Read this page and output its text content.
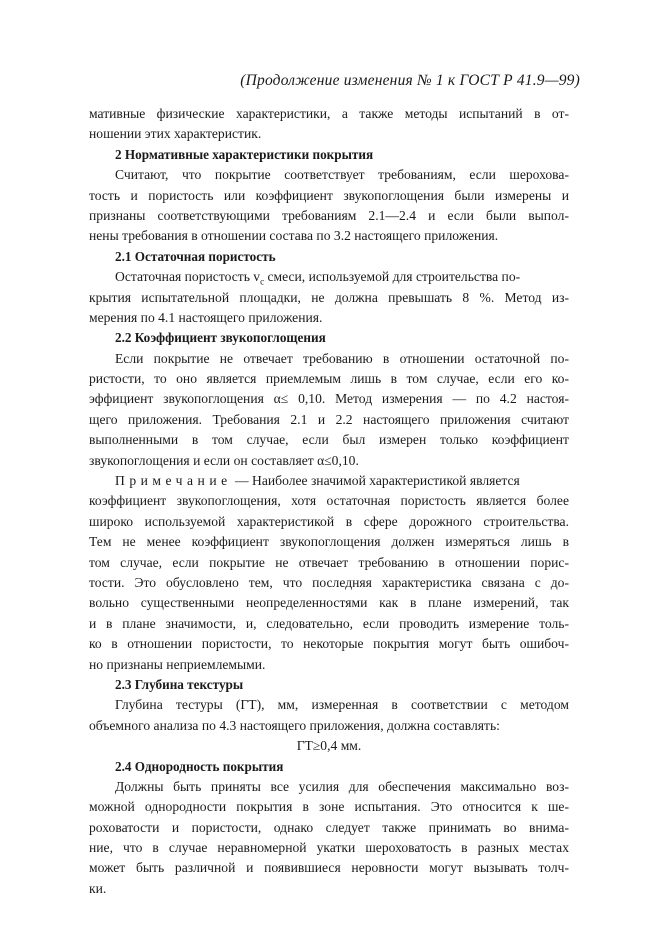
(Продолжение изменения № 1 к ГОСТ Р 41.9—99)
мативные физические характеристики, а также методы испытаний в от-
ношении этих характеристик.
2 Нормативные характеристики покрытия
Считают, что покрытие соответствует требованиям, если шерохова-
тость и пористость или коэффициент звукопоглощения были измерены и
признаны соответствующими требованиям 2.1—2.4 и если были выпол-
нены требования в отношении состава по 3.2 настоящего приложения.
2.1 Остаточная пористость
Остаточная пористость $v_c$ смеси, используемой для строительства по-
крытия испытательной площадки, не должна превышать 8 %. Метод из-
мерения по 4.1 настоящего приложения.
2.2 Коэффициент звукопоглощения
Если покрытие не отвечает требованию в отношении остаточной по-
ристости, то оно является приемлемым лишь в том случае, если его ко-
эффициент звукопоглощения α≤ 0,10. Метод измерения — по 4.2 настоя-
щего приложения. Требования 2.1 и 2.2 настоящего приложения считают
выполненными в том случае, если был измерен только коэффициент
звукопоглощения и если он составляет α≤0,10.
Примечание — Наиболее значимой характеристикой является
коэффициент звукопоглощения, хотя остаточная пористость является более
широко используемой характеристикой в сфере дорожного строительства.
Тем не менее коэффициент звукопоглощения должен измеряться лишь в
том случае, если покрытие не отвечает требованию в отношении порис-
тости. Это обусловлено тем, что последняя характеристика связана с до-
вольно существенными неопределенностями как в плане измерений, так
и в плане значимости, и, следовательно, если проводить измерение толь-
ко в отношении пористости, то некоторые покрытия могут быть ошибоч-
но признаны неприемлемыми.
2.3 Глубина текстуры
Глубина тестуры (ГТ), мм, измеренная в соответствии с методом
объемного анализа по 4.3 настоящего приложения, должна составлять:
ГТ≥0,4 мм.
2.4 Однородность покрытия
Должны быть приняты все усилия для обеспечения максимально воз-
можной однородности покрытия в зоне испытания. Это относится к ше-
роховатости и пористости, однако следует также принимать во внима-
ние, что в случае неравномерной укатки шероховатость в разных местах
может быть различной и появившиеся неровности могут вызывать толч-
ки.
